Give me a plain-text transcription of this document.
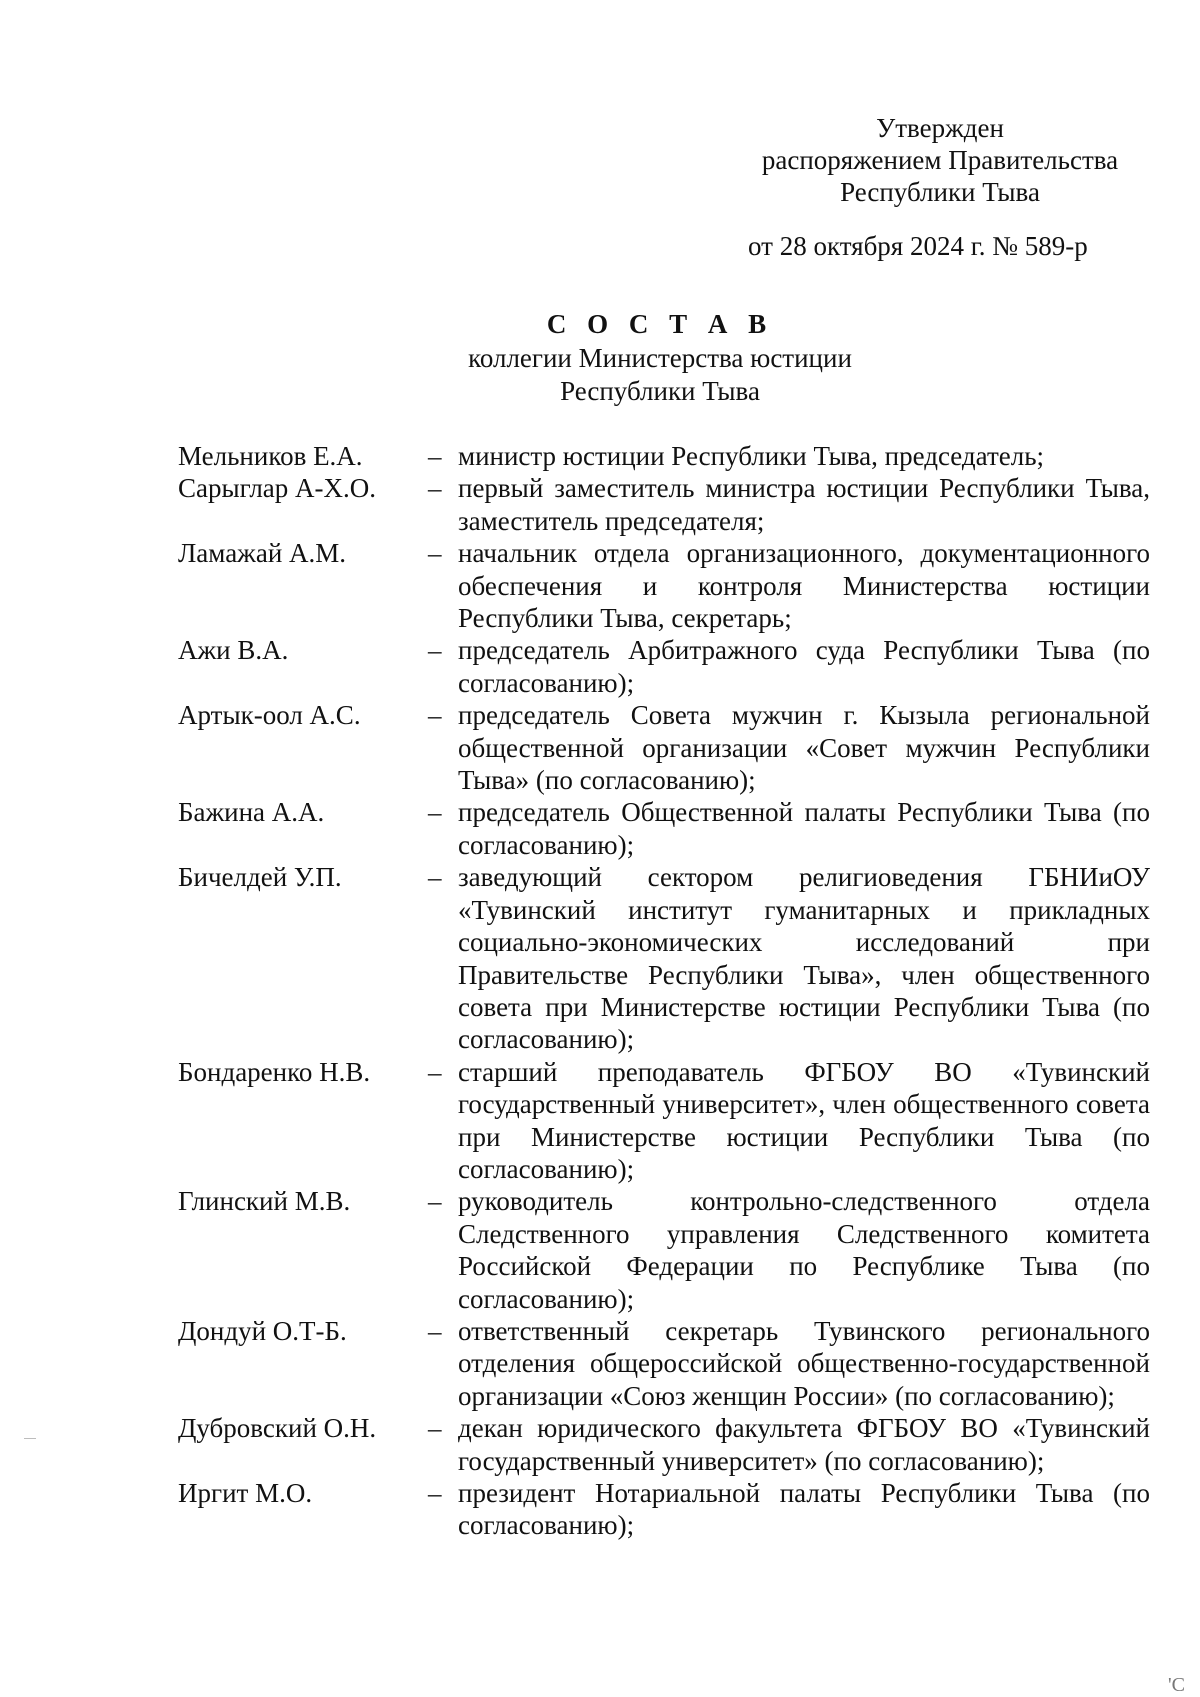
Утвержден
распоряжением Правительства
Республики Тыва
от 28 октября 2024 г. № 589-р
С О С Т А В
коллегии Министерства юстиции
Республики Тыва
Мельников Е.А.	– министр юстиции Республики Тыва, председатель;
Сарыглар А-Х.О.	– первый заместитель министра юстиции Республики Тыва, заместитель председателя;
Ламажай А.М.	– начальник отдела организационного, документационного обеспечения и контроля Министерства юстиции Республики Тыва, секретарь;
Ажи В.А.	– председатель Арбитражного суда Республики Тыва (по согласованию);
Артык-оол А.С.	– председатель Совета мужчин г. Кызыла региональной общественной организации «Совет мужчин Республики Тыва» (по согласованию);
Бажина А.А.	– председатель Общественной палаты Республики Тыва (по согласованию);
Бичелдей У.П.	– заведующий сектором религиоведения ГБНИиОУ «Тувинский институт гуманитарных и прикладных социально-экономических исследований при Правительстве Республики Тыва», член общественного совета при Министерстве юстиции Республики Тыва (по согласованию);
Бондаренко Н.В.	– старший преподаватель ФГБОУ ВО «Тувинский государственный университет», член общественного совета при Министерстве юстиции Республики Тыва (по согласованию);
Глинский М.В.	– руководитель контрольно-следственного отдела Следственного управления Следственного комитета Российской Федерации по Республике Тыва (по согласованию);
Дондуй О.Т-Б.	– ответственный секретарь Тувинского регионального отделения общероссийской общественно-государственной организации «Союз женщин России» (по согласованию);
Дубровский О.Н.	– декан юридического факультета ФГБОУ ВО «Тувинский государственный университет» (по согласованию);
Иргит М.О.	– президент Нотариальной палаты Республики Тыва (по согласованию);
'С
